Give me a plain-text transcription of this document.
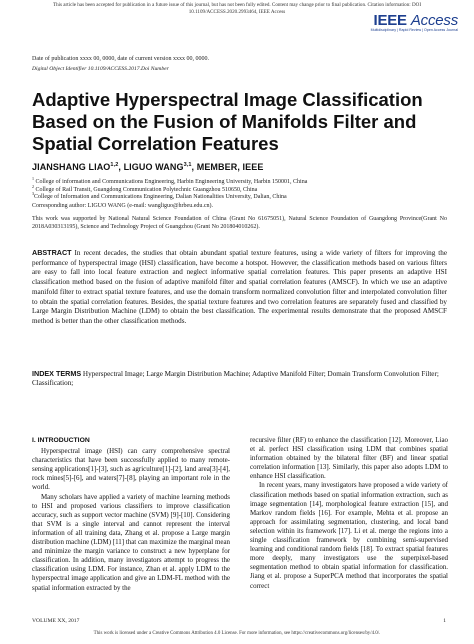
This article has been accepted for publication in a future issue of this journal, but has not been fully edited. Content may change prior to final publication. Citation information: DOI
10.1109/ACCESS.2020.2993464, IEEE Access
IEEE Access
Multidisciplinary | Rapid Review | Open Access Journal
Date of publication xxxx 00, 0000, date of current version xxxx 00, 0000.
Digital Object Identifier 10.1109/ACCESS.2017.Doi Number
Adaptive Hyperspectral Image Classification Based on the Fusion of Manifolds Filter and Spatial Correlation Features
JIANSHANG LIAO$^{1,2}$, LIGUO WANG$^{3,1}$, MEMBER, IEEE
$^1$ College of information and Communications Engineering, Harbin Engineering University, Harbin 150001, China
$^2$ College of Rail Transit, Guangdong Communication Polytechnic Guangzhou 510650, China
$^3$College of Information and Communications Engineering, Dalian Nationalities University, Dalian, China
Corresponding author: LIGUO WANG (e-mail: wangliguo@hrbeu.edu.cn).
This work was supported by National Natural Science Foundation of China (Grant No 61675051), Natural Science Foundation of Guangdong Province(Grant No 2018A030313195), Science and Technology Project of Guangzhou (Grant No 201804010262).
ABSTRACT In recent decades, the studies that obtain abundant spatial texture features, using a wide variety of filters for improving the performance of hyperspectral image (HSI) classification, have become a hotspot. However, the classification methods based on various filters are easy to fall into local feature extraction and neglect informative spatial correlation features. This paper presents an adaptive HSI classification method based on the fusion of adaptive manifold filter and spatial correlation features (AMSCF). In which we use an adaptive manifold filter to extract spatial texture features, and use the domain transform normalized convolution filter and interpolated convolution filter to obtain the spatial correlation features. Besides, the spatial texture features and two correlation features are separately fused and classified by Large Margin Distribution Machine (LDM) to obtain the best classification. The experimental results demonstrate that the proposed AMSCF method is better than the other classification methods.
INDEX TERMS Hyperspectral Image; Large Margin Distribution Machine; Adaptive Manifold Filter; Domain Transform Convolution Filter; Classification;
I. INTRODUCTION

Hyperspectral image (HSI) can carry comprehensive spectral characteristics that have been successfully applied to many remote-sensing applications[1]-[3], such as agriculture[1]-[2], land area[3]-[4], rock mines[5]-[6], and waters[7]-[8], playing an important role in the world.

Many scholars have applied a variety of machine learning methods to HSI and proposed various classifiers to improve classification accuracy, such as support vector machine (SVM) [9]-[10]. Considering that SVM is a single interval and cannot represent the interval information of all training data, Zhang et al. propose a Large margin distribution machine (LDM) [11] that can maximize the marginal mean and minimize the margin variance to construct a new hyperplane for classification. In addition, many investigators attempt to progress the classification using LDM. For instance, Zhan et al. apply LDM to the hyperspectral image application and give an LDM-FL method with the spatial information extracted by the

recursive filter (RF) to enhance the classification [12]. Moreover, Liao et al. perfect HSI classification using LDM that combines spatial information obtained by the bilateral filter (BF) and linear spatial correlation information [13]. Similarly, this paper also adopts LDM to enhance HSI classification.

In recent years, many investigators have proposed a wide variety of classification methods based on spatial information extraction, such as image segmentation [14], morphological feature extraction [15], and Markov random fields [16]. For example, Mehta et al. propose an approach for assimilating segmentation, clustering, and local band selection within its framework [17]. Li et al. merge the regions into a single classification framework by combining semi-supervised learning and conditional random fields [18]. To extract spatial features more deeply, many investigators use the superpixel-based segmentation method to obtain spatial information for classification. Jiang et al. propose a SuperPCA method that incorporates the spatial correct

VOLUME XX, 2017	1
This work is licensed under a Creative Commons Attribution 4.0 License. For more information, see https://creativecommons.org/licenses/by/4.0/.
